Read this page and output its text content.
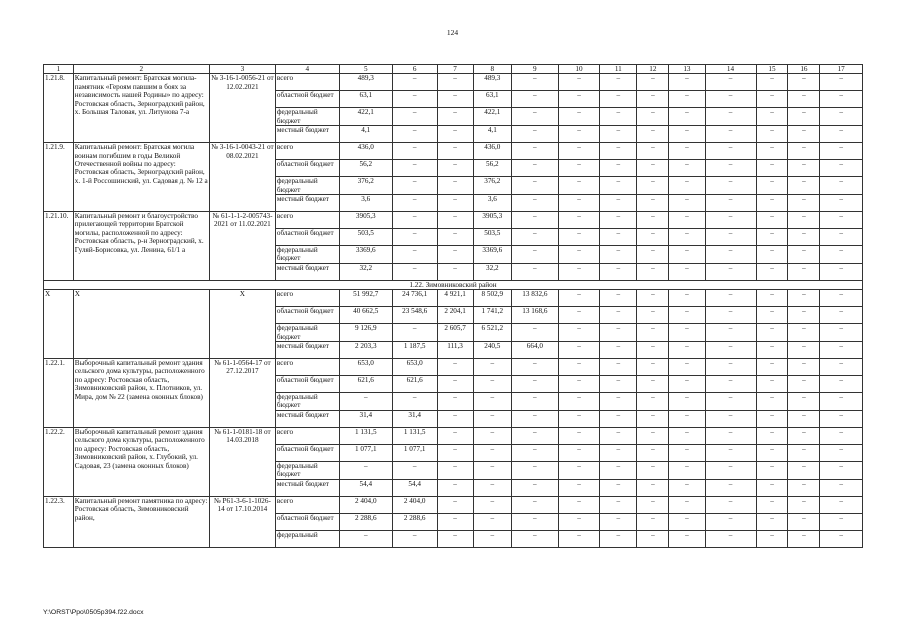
124
1	2	3	4	5	6	7	8	9	10	11	12	13	14	15	16	17
1.21.8.	Капитальный ремонт: Братская могила-памятник «Героям павшим в боях за независимость нашей Родины» по адресу: Ростовская область, Зерноградский район, х. Большая Таловая, ул. Литунова 7-а	№ 3-16-1-0056-21 от 12.02.2021	всего	489,3	–	–	489,3	–	–	–	–	–	–	–	–	–
			областной бюджет	63,1	–	–	63,1	–	–	–	–	–	–	–	–	–
			федеральный бюджет	422,1	–	–	422,1	–	–	–	–	–	–	–	–	–
			местный бюджет	4,1	–	–	4,1	–	–	–	–	–	–	–	–	–
1.21.9.	Капитальный ремонт: Братская могила воинам погибшим в годы Великой Отечественной войны по адресу: Ростовская область, Зерноградский район, х. 1-й Россошинский, ул. Садовая д. № 12 а	№ 3-16-1-0043-21 от 08.02.2021	всего	436,0	–	–	436,0	–	–	–	–	–	–	–	–	–
			областной бюджет	56,2	–	–	56,2	–	–	–	–	–	–	–	–	–
			федеральный бюджет	376,2	–	–	376,2	–	–	–	–	–	–	–	–	–
			местный бюджет	3,6	–	–	3,6	–	–	–	–	–	–	–	–	–
1.21.10.	Капитальный ремонт и благоустройство прилегающей территории Братской могилы, расположенной по адресу: Ростовская область, р-н Зерноградский, х. Гуляй-Борисовка, ул. Ленина, 61/1 а	№ 61-1-1-2-005743-2021 от 11.02.2021	всего	3905,3	–	–	3905,3	–	–	–	–	–	–	–	–	–
			областной бюджет	503,5	–	–	503,5	–	–	–	–	–	–	–	–	–
			федеральный бюджет	3369,6	–	–	3369,6	–	–	–	–	–	–	–	–	–
			местный бюджет	32,2	–	–	32,2	–	–	–	–	–	–	–	–	–
1.22. Зимовниковский район																
X	X	X	всего	51 992,7	24 736,1	4 921,1	8 502,9	13 832,6	–	–	–	–	–	–	–	–
			областной бюджет	40 662,5	23 548,6	2 204,1	1 741,2	13 168,6	–	–	–	–	–	–	–	–
			федеральный бюджет	9 126,9	–	2 605,7	6 521,2	–	–	–	–	–	–	–	–	–
			местный бюджет	2 203,3	1 187,5	111,3	240,5	664,0	–	–	–	–	–	–	–	–
1.22.1.	Выборочный капитальный ремонт здания сельского дома культуры, расположенного по адресу: Ростовская область, Зимовниковский район, х. Плотников, ул. Мира, дом № 22 (замена оконных блоков)	№ 61-1-0564-17 от 27.12.2017	всего	653,0	653,0	–	–	–	–	–	–	–	–	–	–	–
			областной бюджет	621,6	621,6	–	–	–	–	–	–	–	–	–	–	–
			федеральный бюджет	–	–	–	–	–	–	–	–	–	–	–	–	–
			местный бюджет	31,4	31,4	–	–	–	–	–	–	–	–	–	–	–
1.22.2.	Выборочный капитальный ремонт здания сельского дома культуры, расположенного по адресу: Ростовская область, Зимовниковский район, х. Глубокий, ул. Садовая, 23 (замена оконных блоков)	№ 61-1-0181-18 от 14.03.2018	всего	1 131,5	1 131,5	–	–	–	–	–	–	–	–	–	–	–
			областной бюджет	1 077,1	1 077,1	–	–	–	–	–	–	–	–	–	–	–
			федеральный бюджет	–	–	–	–	–	–	–	–	–	–	–	–	–
			местный бюджет	54,4	54,4	–	–	–	–	–	–	–	–	–	–	–
1.22.3.	Капитальный ремонт памятника по адресу: Ростовская область, Зимовниковский район,	№ Р61-3-6-1-1026-14 от 17.10.2014	всего	2 404,0	2 404,0	–	–	–	–	–	–	–	–	–	–	–
			областной бюджет	2 288,6	2 288,6	–	–	–	–	–	–	–	–	–	–	–
			федеральный	–	–	–	–	–	–	–	–	–	–	–	–	–
Y:\ORST\Ppo\0505p394.f22.docx
